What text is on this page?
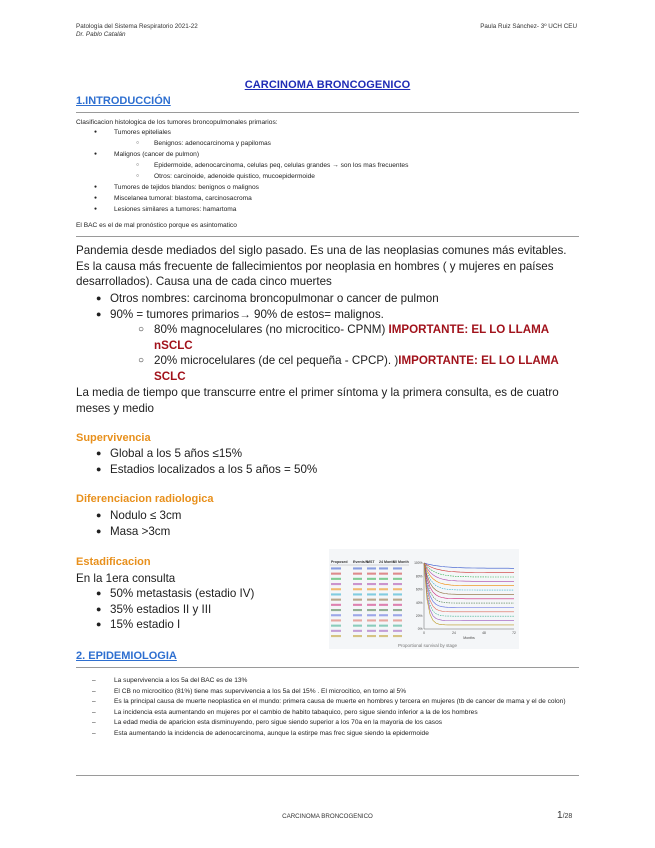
Patología del Sistema Respiratorio 2021-22
Dr. Pablo Catalán
Paula Ruiz Sánchez- 3º UCH CEU
CARCINOMA BRONCOGENICO
1.INTRODUCCIÓN
Clasificacion histologica de los tumores broncopulmonales primarios:
●	Tumores epiteliales
○ Benignos: adenocarcinoma y papilomas
●	Malignos (cancer de pulmon)
○ Epidermoide, adenocarcinoma, celulas peq, celulas grandes → son los mas frecuentes
○ Otros: carcinoide, adenoide quistico, mucoepidermoide
●	Tumores de tejidos blandos: benignos o malignos
●	Miscelanea tumoral: blastoma, carcinosacroma
●	Lesiones similares a tumores: hamartoma
El BAC es el de mal pronóstico porque es asintomatico
Pandemia desde mediados del siglo pasado. Es una de las neoplasias comunes más evitables. Es la causa más frecuente de fallecimientos por neoplasia en hombres ( y mujeres en países desarrollados). Causa una de cada cinco muertes
● Otros nombres: carcinoma broncopulmonar o cancer de pulmon
● 90% = tumores primarios→ 90% de estos= malignos.
○ 80% magnocelulares (no microcitico- CPNM) IMPORTANTE: EL LO LLAMA nSCLC
○ 20% microcelulares (de cel pequeña - CPCP). )IMPORTANTE: EL LO LLAMA SCLC
La media de tiempo que transcurre entre el primer síntoma y la primera consulta, es de cuatro meses y medio
Supervivencia
● Global a los 5 años ≤15%
● Estadios localizados a los 5 años = 50%
Diferenciacion radiologica
● Nodulo ≤ 3cm
● Masa >3cm
Estadificacion
En la 1era consulta
● 50% metastasis (estadio IV)
● 35% estadios II y III
● 15% estadio I
Proposed Events/N
MST 24 Month
60 Month 100%
80%
60%
40%
20%
0%
0	24	48	72
Months
Proportional survival by stage
2. EPIDEMIOLOGIA
–	La supervivencia a los 5a del BAC es de 13%
–	El CB no microcitico (81%) tiene mas supervivencia a los 5a del 15% . El microcitico, en torno al 5%
–	Es la principal causa de muerte neoplastica en el mundo: primera causa de muerte en hombres y tercera en mujeres (tb de cancer de mama y el de colon)
–	La incidencia esta aumentando en mujeres por el cambio de habito tabaquico, pero sigue siendo inferior a la de los hombres
–	La edad media de aparicion esta disminuyendo, pero sigue siendo superior a los 70a en la mayoria de los casos
–	Esta aumentando la incidencia de adenocarcinoma, aunque la estirpe mas frec sigue siendo la epidermoide
CARCINOMA BRONCOGENICO	1/28
